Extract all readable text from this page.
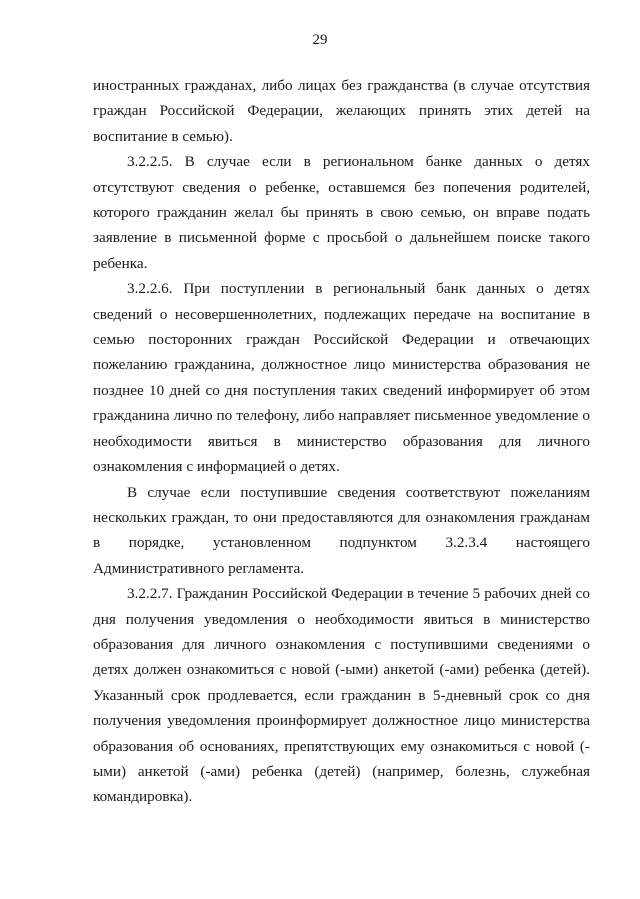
29

иностранных гражданах, либо лицах без гражданства (в случае отсутствия граждан Российской Федерации, желающих принять этих детей на воспитание в семью).

3.2.2.5. В случае если в региональном банке данных о детях отсутствуют сведения о ребенке, оставшемся без попечения родителей, которого гражданин желал бы принять в свою семью, он вправе подать заявление в письменной форме с просьбой о дальнейшем поиске такого ребенка.

3.2.2.6. При поступлении в региональный банк данных о детях сведений о несовершеннолетних, подлежащих передаче на воспитание в семью посторонних граждан Российской Федерации и отвечающих пожеланию гражданина, должностное лицо министерства образования не позднее 10 дней со дня поступления таких сведений информирует об этом гражданина лично по телефону, либо направляет письменное уведомление о необходимости явиться в министерство образования для личного ознакомления с информацией о детях.

В случае если поступившие сведения соответствуют пожеланиям нескольких граждан, то они предоставляются для ознакомления гражданам в порядке, установленном подпунктом 3.2.3.4 настоящего Административного регламента.

3.2.2.7. Гражданин Российской Федерации в течение 5 рабочих дней со дня получения уведомления о необходимости явиться в министерство образования для личного ознакомления с поступившими сведениями о детях должен ознакомиться с новой (-ыми) анкетой (-ами) ребенка (детей). Указанный срок продлевается, если гражданин в 5-дневный срок со дня получения уведомления проинформирует должностное лицо министерства образования об основаниях, препятствующих ему ознакомиться с новой (-ыми) анкетой (-ами) ребенка (детей) (например, болезнь, служебная командировка).
